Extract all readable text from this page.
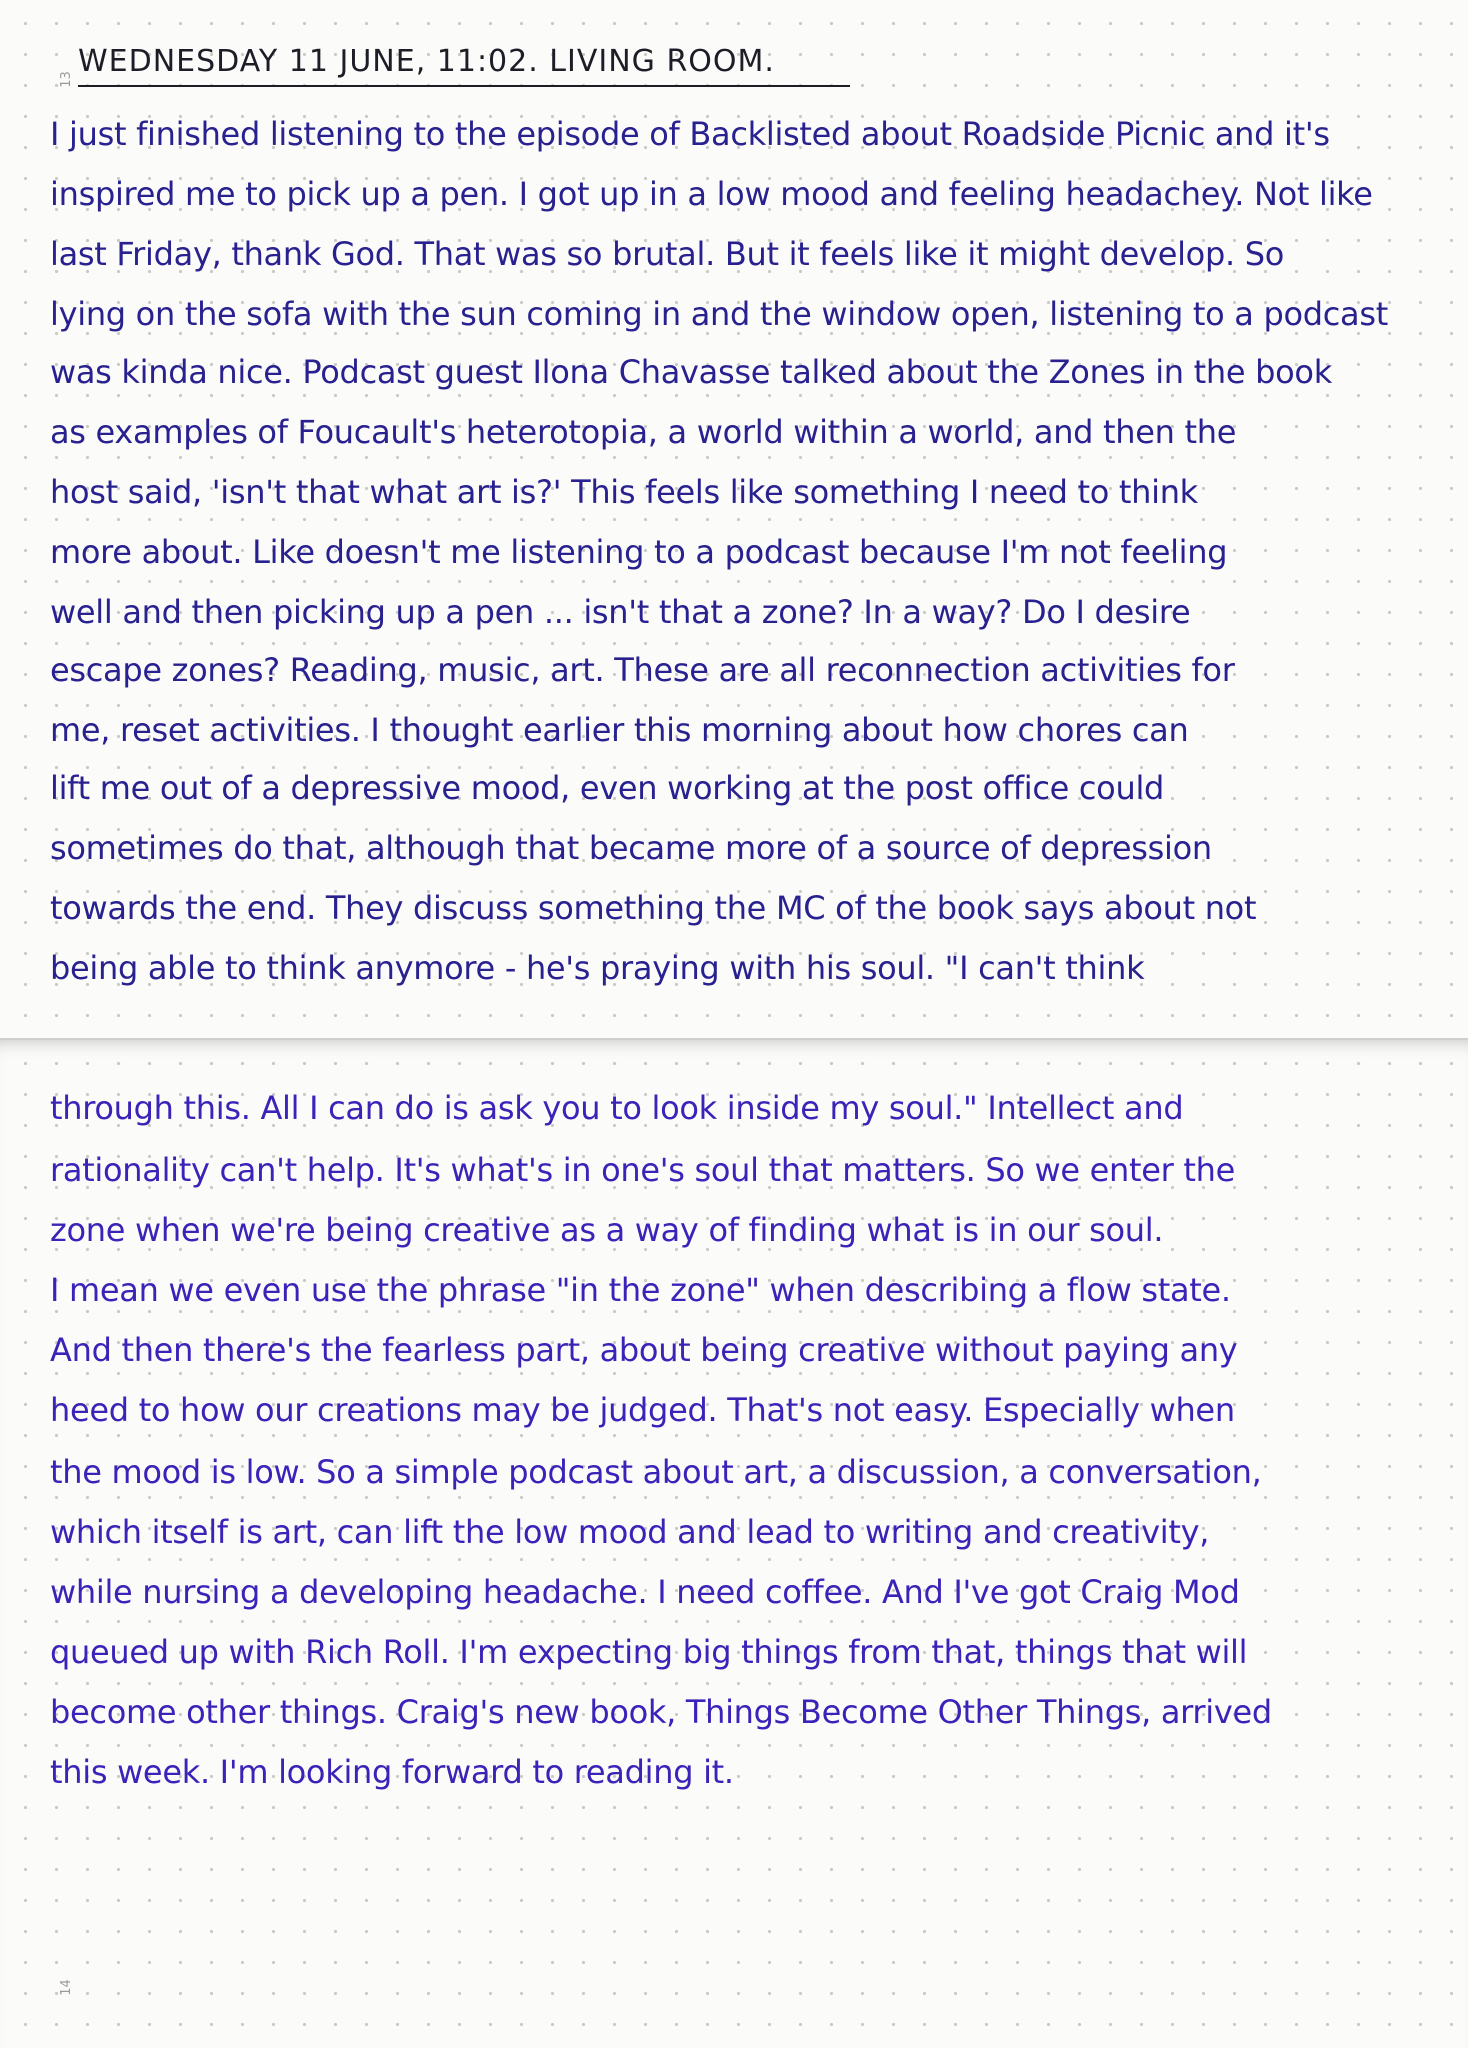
13
WEDNESDAY 11 JUNE, 11:02. LIVING ROOM.
I just finished listening to the episode of Backlisted about Roadside Picnic and it's
inspired me to pick up a pen. I got up in a low mood and feeling headachey. Not like
last Friday, thank God. That was so brutal. But it feels like it might develop. So
lying on the sofa with the sun coming in and the window open, listening to a podcast
was kinda nice. Podcast guest Ilona Chavasse talked about the Zones in the book
as examples of Foucault's heterotopia, a world within a world, and then the
host said, 'isn't that what art is?' This feels like something I need to think
more about. Like doesn't me listening to a podcast because I'm not feeling
well and then picking up a pen ... isn't that a zone? In a way? Do I desire
escape zones? Reading, music, art. These are all reconnection activities for
me, reset activities. I thought earlier this morning about how chores can
lift me out of a depressive mood, even working at the post office could
sometimes do that, although that became more of a source of depression
towards the end. They discuss something the MC of the book says about not
being able to think anymore - he's praying with his soul. "I can't think
14
through this. All I can do is ask you to look inside my soul." Intellect and
rationality can't help. It's what's in one's soul that matters. So we enter the
zone when we're being creative as a way of finding what is in our soul.
I mean we even use the phrase "in the zone" when describing a flow state.
And then there's the fearless part, about being creative without paying any
heed to how our creations may be judged. That's not easy. Especially when
the mood is low. So a simple podcast about art, a discussion, a conversation,
which itself is art, can lift the low mood and lead to writing and creativity,
while nursing a developing headache. I need coffee. And I've got Craig Mod
queued up with Rich Roll. I'm expecting big things from that, things that will
become other things. Craig's new book, Things Become Other Things, arrived
this week. I'm looking forward to reading it.
